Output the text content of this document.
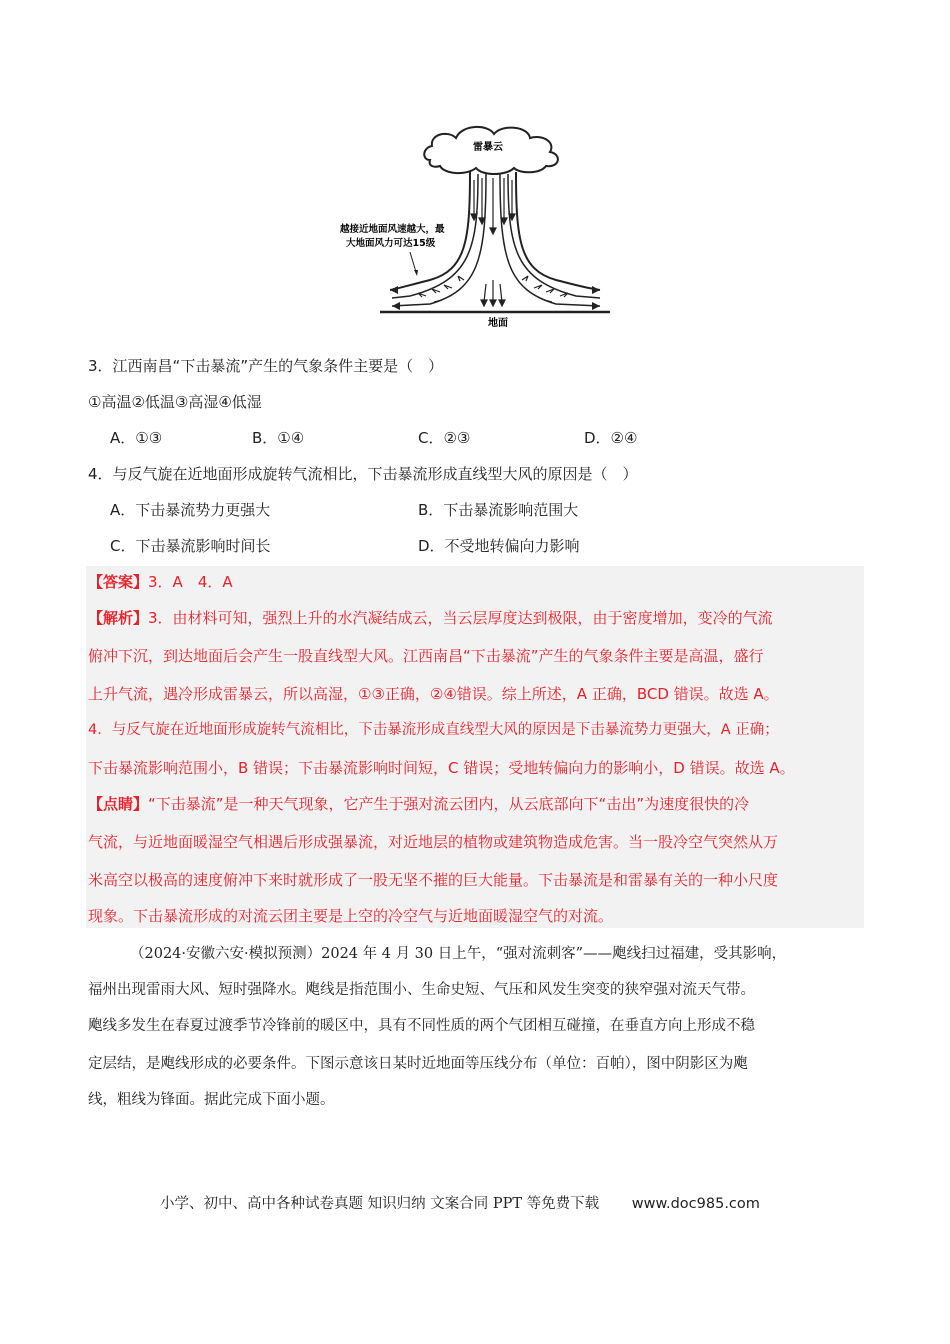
雷暴云
地面
越接近地面风速越大，最
大地面风力可达15级
3．江西南昌“下击暴流”产生的气象条件主要是（　）
①高温②低温③高湿④低湿
A．①③	B．①④	C．②③	D．②④
4．与反气旋在近地面形成旋转气流相比，下击暴流形成直线型大风的原因是（　）
A．下击暴流势力更强大	B．下击暴流影响范围大
C．下击暴流影响时间长	D．不受地转偏向力影响
【答案】3．A　4．A
【解析】3．由材料可知，强烈上升的水汽凝结成云，当云层厚度达到极限，由于密度增加，变冷的气流
俯冲下沉，到达地面后会产生一股直线型大风。江西南昌“下击暴流”产生的气象条件主要是高温，盛行
上升气流，遇冷形成雷暴云，所以高湿，①③正确，②④错误。综上所述，A 正确，BCD 错误。故选 A。
4．与反气旋在近地面形成旋转气流相比，下击暴流形成直线型大风的原因是下击暴流势力更强大，A 正确；
下击暴流影响范围小，B 错误；下击暴流影响时间短，C 错误；受地转偏向力的影响小，D 错误。故选 A。
【点睛】“下击暴流”是一种天气现象，它产生于强对流云团内，从云底部向下“击出”为速度很快的冷
气流，与近地面暖湿空气相遇后形成强暴流，对近地层的植物或建筑物造成危害。当一股冷空气突然从万
米高空以极高的速度俯冲下来时就形成了一股无坚不摧的巨大能量。下击暴流是和雷暴有关的一种小尺度
现象。下击暴流形成的对流云团主要是上空的冷空气与近地面暖湿空气的对流。
（2024·安徽六安·模拟预测）2024 年 4 月 30 日上午，“强对流刺客”——飑线扫过福建，受其影响，
福州出现雷雨大风、短时强降水。飑线是指范围小、生命史短、气压和风发生突变的狭窄强对流天气带。
飑线多发生在春夏过渡季节冷锋前的暖区中，具有不同性质的两个气团相互碰撞，在垂直方向上形成不稳
定层结，是飑线形成的必要条件。下图示意该日某时近地面等压线分布（单位：百帕），图中阴影区为飑
线，粗线为锋面。据此完成下面小题。
小学、初中、高中各种试卷真题 知识归纳 文案合同 PPT 等免费下载 www.doc985.com
